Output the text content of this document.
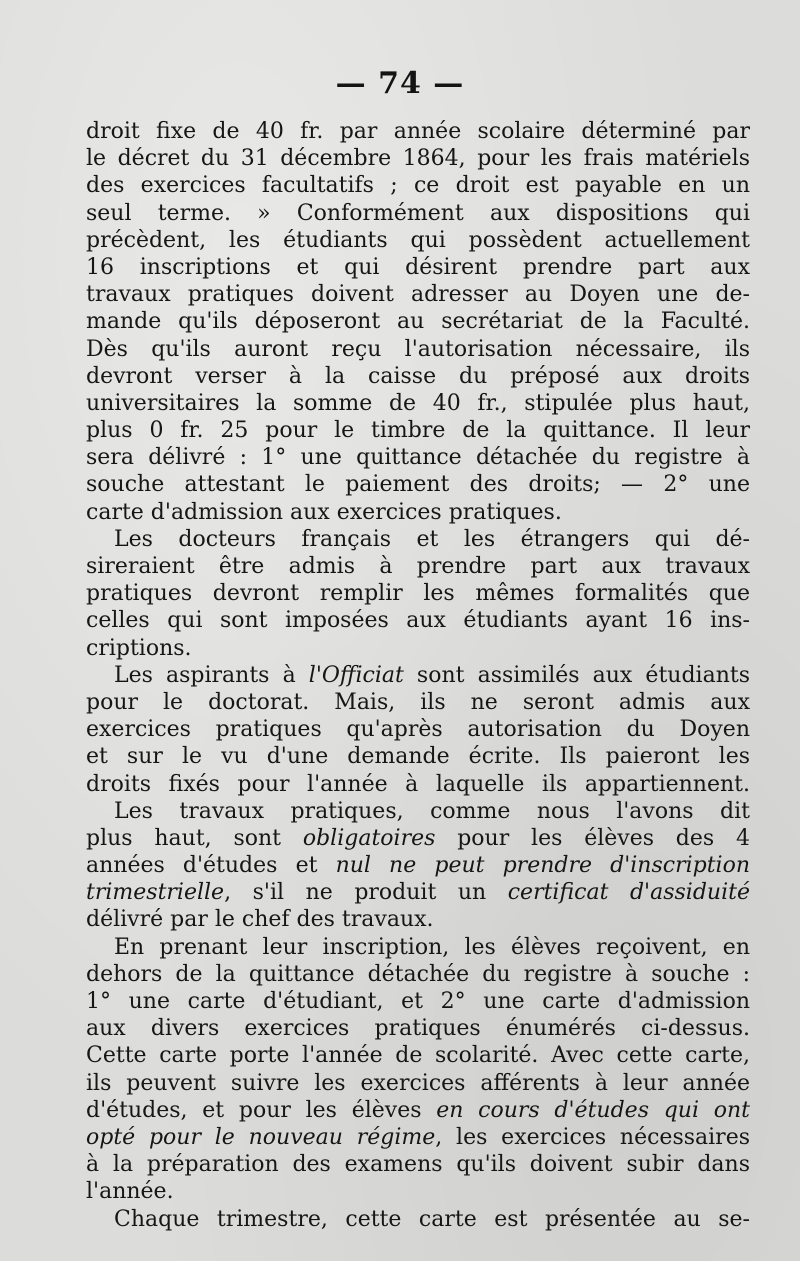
— 74 —
droit fixe de 40 fr. par année scolaire déterminé par
le décret du 31 décembre 1864, pour les frais matériels
des exercices facultatifs ; ce droit est payable en un
seul terme. » Conformément aux dispositions qui
précèdent, les étudiants qui possèdent actuellement
16 inscriptions et qui désirent prendre part aux
travaux pratiques doivent adresser au Doyen une de-
mande qu'ils déposeront au secrétariat de la Faculté.
Dès qu'ils auront reçu l'autorisation nécessaire, ils
devront verser à la caisse du préposé aux droits
universitaires la somme de 40 fr., stipulée plus haut,
plus 0 fr. 25 pour le timbre de la quittance. Il leur
sera délivré : 1° une quittance détachée du registre à
souche attestant le paiement des droits; — 2° une
carte d'admission aux exercices pratiques.
Les docteurs français et les étrangers qui dé-
sireraient être admis à prendre part aux travaux
pratiques devront remplir les mêmes formalités que
celles qui sont imposées aux étudiants ayant 16 ins-
criptions.
Les aspirants à l'Officiat sont assimilés aux étudiants
pour le doctorat. Mais, ils ne seront admis aux
exercices pratiques qu'après autorisation du Doyen
et sur le vu d'une demande écrite. Ils paieront les
droits fixés pour l'année à laquelle ils appartiennent.
Les travaux pratiques, comme nous l'avons dit
plus haut, sont obligatoires pour les élèves des 4
années d'études et nul ne peut prendre d'inscription
trimestrielle, s'il ne produit un certificat d'assiduité
délivré par le chef des travaux.
En prenant leur inscription, les élèves reçoivent, en
dehors de la quittance détachée du registre à souche :
1° une carte d'étudiant, et 2° une carte d'admission
aux divers exercices pratiques énumérés ci-dessus.
Cette carte porte l'année de scolarité. Avec cette carte,
ils peuvent suivre les exercices afférents à leur année
d'études, et pour les élèves en cours d'études qui ont
opté pour le nouveau régime, les exercices nécessaires
à la préparation des examens qu'ils doivent subir dans
l'année.
Chaque trimestre, cette carte est présentée au se-
